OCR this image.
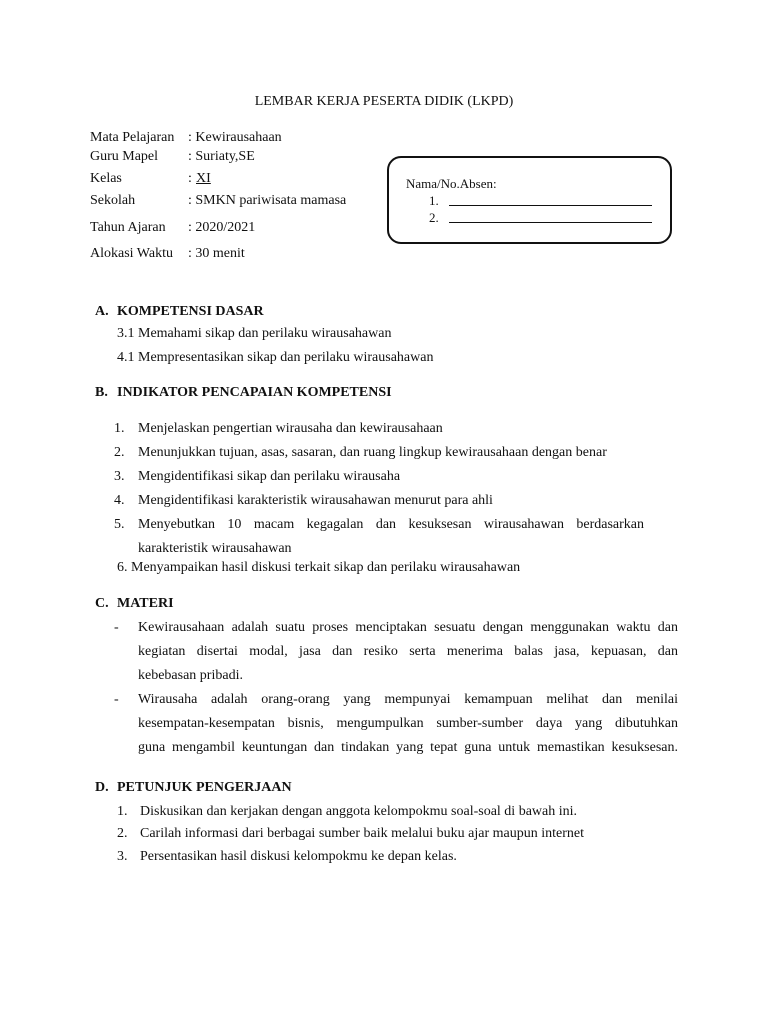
LEMBAR KERJA PESERTA DIDIK (LKPD)
Mata Pelajaran : Kewirausahaan
Guru Mapel : Suriaty,SE
Kelas	: XI
Sekolah	: SMKN pariwisata mamasa
Tahun Ajaran : 2020/2021
Alokasi Waktu : 30 menit
Nama/No.Absen:
1.
2.
A. KOMPETENSI DASAR
3.1 Memahami sikap dan perilaku wirausahawan
4.1 Mempresentasikan sikap dan perilaku wirausahawan
B. INDIKATOR PENCAPAIAN KOMPETENSI
1. Menjelaskan pengertian wirausaha dan kewirausahaan
2. Menunjukkan tujuan, asas, sasaran, dan ruang lingkup kewirausahaan dengan benar
3. Mengidentifikasi sikap dan perilaku wirausaha
4. Mengidentifikasi karakteristik wirausahawan menurut para ahli
5. Menyebutkan 10 macam kegagalan dan kesuksesan wirausahawan berdasarkan
karakteristik wirausahawan
6. Menyampaikan hasil diskusi terkait sikap dan perilaku wirausahawan
C. MATERI
- Kewirausahaan adalah suatu proses menciptakan sesuatu dengan menggunakan waktu dan
kegiatan disertai modal, jasa dan resiko serta menerima balas jasa, kepuasan, dan
kebebasan pribadi.
- Wirausaha adalah orang-orang yang mempunyai kemampuan melihat dan menilai
kesempatan-kesempatan bisnis, mengumpulkan sumber-sumber daya yang dibutuhkan
guna mengambil keuntungan dan tindakan yang tepat guna untuk memastikan kesuksesan.
D. PETUNJUK PENGERJAAN
1. Diskusikan dan kerjakan dengan anggota kelompokmu soal-soal di bawah ini.
2. Carilah informasi dari berbagai sumber baik melalui buku ajar maupun internet
3. Persentasikan hasil diskusi kelompokmu ke depan kelas.
